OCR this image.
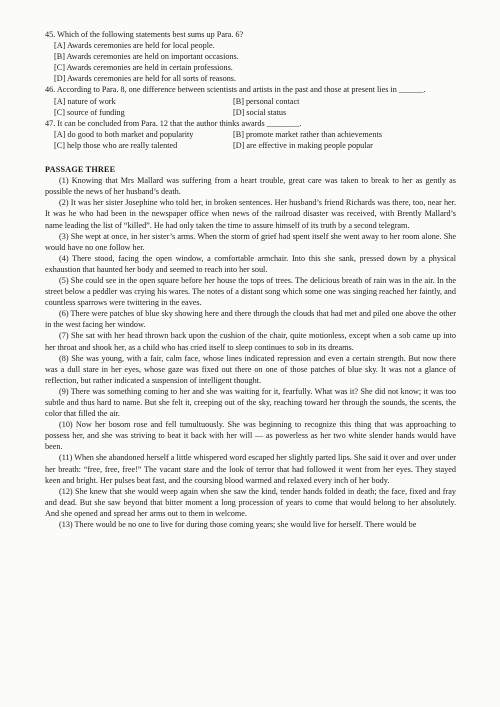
45. Which of the following statements best sums up Para. 6?

[A] Awards ceremonies are held for local people.

[B] Awards ceremonies are held on important occasions.

[C] Awards ceremonies are held in certain professions.

[D] Awards ceremonies are held for all sorts of reasons.

46. According to Para. 8, one difference between scientists and artists in the past and those at present lies in ______.

[A] nature of work	[B] personal contact
[C] source of funding	[D] social status

47. It can be concluded from Para. 12 that the author thinks awards ________.

[A] do good to both market and popularity	[B] promote market rather than achievements
[C] help those who are really talented	[D] are effective in making people popular

PASSAGE THREE

(1) Knowing that Mrs Mallard was suffering from a heart trouble, great care was taken to break to her as gently as possible the news of her husband’s death.

(2) It was her sister Josephine who told her, in broken sentences. Her husband’s friend Richards was there, too, near her. It was he who had been in the newspaper office when news of the railroad disaster was received, with Brently Mallard’s name leading the list of “killed”. He had only taken the time to assure himself of its truth by a second telegram.

(3) She wept at once, in her sister’s arms. When the storm of grief had spent itself she went away to her room alone. She would have no one follow her.

(4) There stood, facing the open window, a comfortable armchair. Into this she sank, pressed down by a physical exhaustion that haunted her body and seemed to reach into her soul.

(5) She could see in the open square before her house the tops of trees. The delicious breath of rain was in the air. In the street below a peddler was crying his wares. The notes of a distant song which some one was singing reached her faintly, and countless sparrows were twittering in the eaves.

(6) There were patches of blue sky showing here and there through the clouds that had met and piled one above the other in the west facing her window.

(7) She sat with her head thrown back upon the cushion of the chair, quite motionless, except when a sob came up into her throat and shook her, as a child who has cried itself to sleep continues to sob in its dreams.

(8) She was young, with a fair, calm face, whose lines indicated repression and even a certain strength. But now there was a dull stare in her eyes, whose gaze was fixed out there on one of those patches of blue sky. It was not a glance of reflection, but rather indicated a suspension of intelligent thought.

(9) There was something coming to her and she was waiting for it, fearfully. What was it? She did not know; it was too subtle and thus hard to name. But she felt it, creeping out of the sky, reaching toward her through the sounds, the scents, the color that filled the air.

(10) Now her bosom rose and fell tumultuously. She was beginning to recognize this thing that was approaching to possess her, and she was striving to beat it back with her will — as powerless as her two white slender hands would have been.

(11) When she abandoned herself a little whispered word escaped her slightly parted lips. She said it over and over under her breath: “free, free, free!” The vacant stare and the look of terror that had followed it went from her eyes. They stayed keen and bright. Her pulses beat fast, and the coursing blood warmed and relaxed every inch of her body.

(12) She knew that she would weep again when she saw the kind, tender hands folded in death; the face, fixed and fray and dead. But she saw beyond that bitter moment a long procession of years to come that would belong to her absolutely. And she opened and spread her arms out to them in welcome.

(13) There would be no one to live for during those coming years; she would live for herself. There would be
